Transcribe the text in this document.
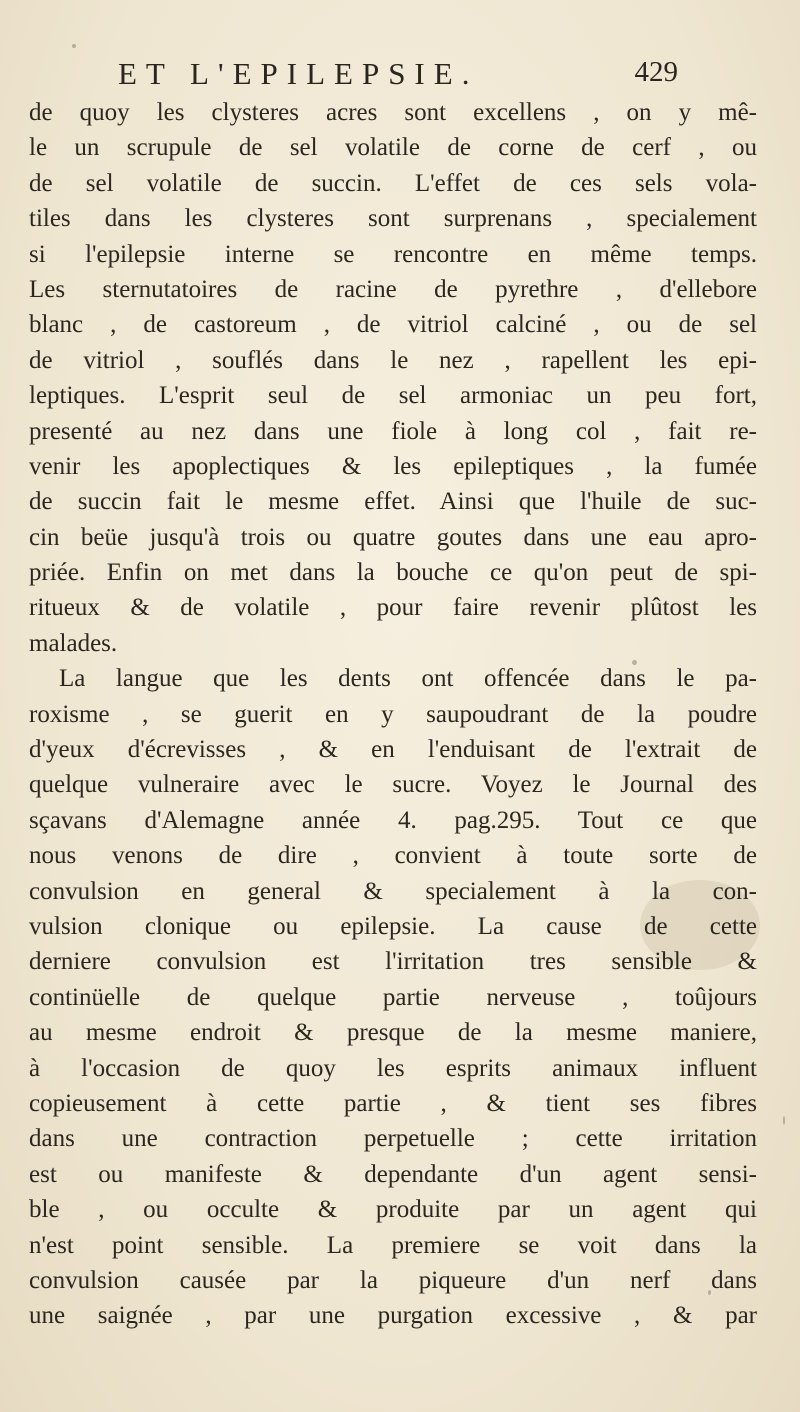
ET L'EPILEPSIE.	429
de quoy les clysteres acres sont excellens , on y mê-
le un scrupule de sel volatile de corne de cerf , ou
de sel volatile de succin. L'effet de ces sels vola-
tiles dans les clysteres sont surprenans , specialement
si l'epilepsie interne se rencontre en même temps.
Les sternutatoires de racine de pyrethre , d'ellebore
blanc , de castoreum , de vitriol calciné , ou de sel
de vitriol , souflés dans le nez , rapellent les epi-
leptiques. L'esprit seul de sel armoniac un peu fort,
presenté au nez dans une fiole à long col , fait re-
venir les apoplectiques & les epileptiques , la fumée
de succin fait le mesme effet. Ainsi que l'huile de suc-
cin beüe jusqu'à trois ou quatre goutes dans une eau apro-
priée. Enfin on met dans la bouche ce qu'on peut de spi-
ritueux & de volatile , pour faire revenir plûtost les
malades.
La langue que les dents ont offencée dans le pa-
roxisme , se guerit en y saupoudrant de la poudre
d'yeux d'écrevisses , & en l'enduisant de l'extrait de
quelque vulneraire avec le sucre. Voyez le Journal des
sçavans d'Alemagne année 4. pag.295. Tout ce que
nous venons de dire , convient à toute sorte de
convulsion en general & specialement à la con-
vulsion clonique ou epilepsie. La cause de cette
derniere convulsion est l'irritation tres sensible &
continüelle de quelque partie nerveuse , toûjours
au mesme endroit & presque de la mesme maniere,
à l'occasion de quoy les esprits animaux influent
copieusement à cette partie , & tient ses fibres
dans une contraction perpetuelle ; cette irritation
est ou manifeste & dependante d'un agent sensi-
ble , ou occulte & produite par un agent qui
n'est point sensible. La premiere se voit dans la
convulsion causée par la piqueure d'un nerf dans
une saignée , par une purgation excessive , & par
